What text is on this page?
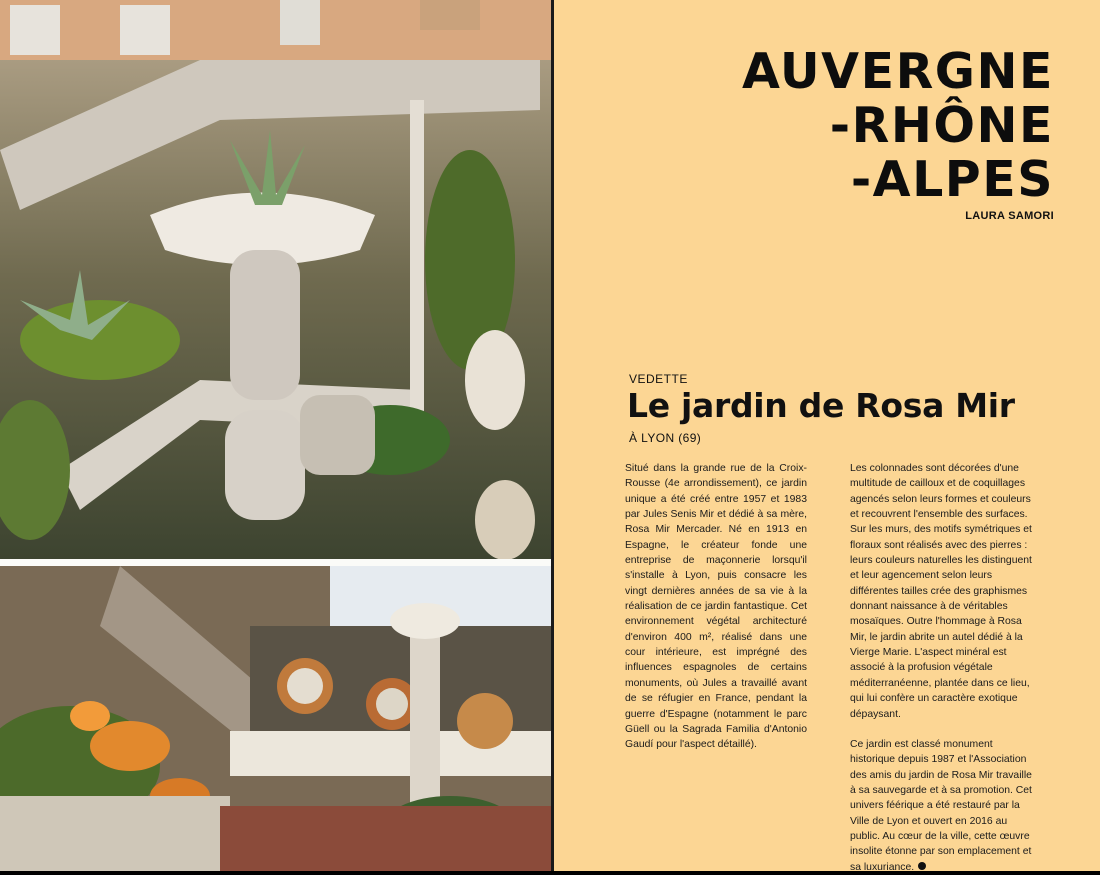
AUVERGNE
-RHÔNE
-ALPES
LAURA SAMORI
VEDETTE
Le jardin de Rosa Mir
À LYON (69)

Situé dans la grande rue de la Croix-Rousse (4e arrondissement), ce jardin unique a été créé entre 1957 et 1983 par Jules Senis Mir et dédié à sa mère, Rosa Mir Mercader. Né en 1913 en Espagne, le créateur fonde une entreprise de maçonnerie lorsqu'il s'installe à Lyon, puis consacre les vingt dernières années de sa vie à la réalisation de ce jardin fantastique. Cet environnement végétal architecturé d'environ 400 m², réalisé dans une cour intérieure, est imprégné des influences espagnoles de certains monuments, où Jules a travaillé avant de se réfugier en France, pendant la guerre d'Espagne (notamment le parc Güell ou la Sagrada Familia d'Antonio Gaudí pour l'aspect détaillé).

Les colonnades sont décorées d'une multitude de cailloux et de coquillages agencés selon leurs formes et couleurs et recouvrent l'ensemble des surfaces. Sur les murs, des motifs symétriques et floraux sont réalisés avec des pierres : leurs couleurs naturelles les distinguent et leur agencement selon leurs différentes tailles crée des graphismes donnant naissance à de véritables mosaïques. Outre l'hommage à Rosa Mir, le jardin abrite un autel dédié à la Vierge Marie. L'aspect minéral est associé à la profusion végétale méditerranéenne, plantée dans ce lieu, qui lui confère un caractère exotique dépaysant.

Ce jardin est classé monument historique depuis 1987 et l'Association des amis du jardin de Rosa Mir travaille à sa sauvegarde et à sa promotion. Cet univers féérique a été restauré par la Ville de Lyon et ouvert en 2016 au public. Au cœur de la ville, cette œuvre insolite étonne par son emplacement et sa luxuriance.
